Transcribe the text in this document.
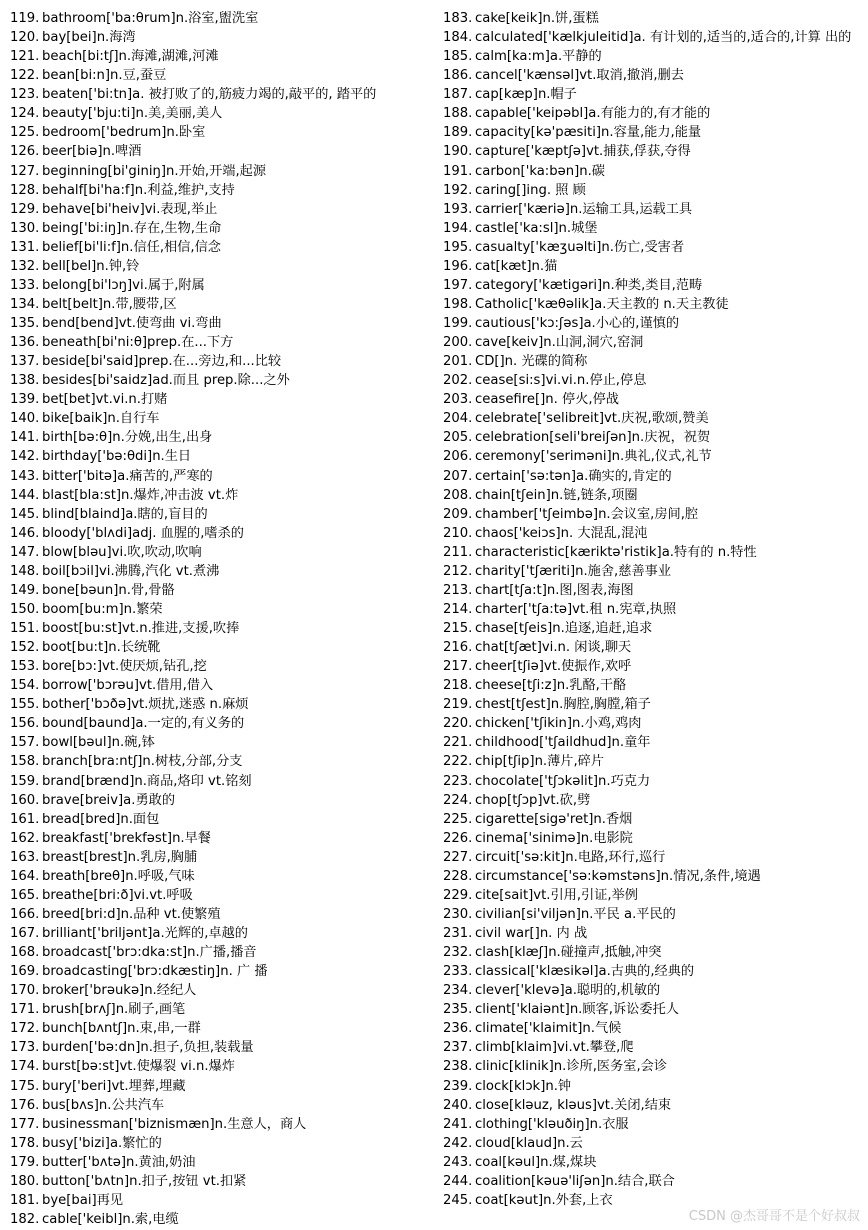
119. bathroom['ba:θrum]n.浴室,盥洗室
120. bay[bei]n.海湾
121. beach[bi:tʃ]n.海滩,湖滩,河滩
122. bean[bi:n]n.豆,蚕豆
123. beaten['bi:tn]a. 被打败了的,筋疲力竭的,敲平的, 踏平的
124. beauty['bju:ti]n.美,美丽,美人
125. bedroom['bedrum]n.卧室
126. beer[biə]n.啤酒
127. beginning[bi'giniŋ]n.开始,开端,起源
128. behalf[bi'ha:f]n.利益,维护,支持
129. behave[bi'heiv]vi.表现,举止
130. being['bi:iŋ]n.存在,生物,生命
131. belief[bi'li:f]n.信任,相信,信念
132. bell[bel]n.钟,铃
133. belong[bi'lɔŋ]vi.属于,附属
134. belt[belt]n.带,腰带,区
135. bend[bend]vt.使弯曲 vi.弯曲
136. beneath[bi'ni:θ]prep.在...下方
137. beside[bi'said]prep.在...旁边,和...比较
138. besides[bi'saidz]ad.而且 prep.除...之外
139. bet[bet]vt.vi.n.打赌
140. bike[baik]n.自行车
141. birth[bə:θ]n.分娩,出生,出身
142. birthday['bə:θdi]n.生日
143. bitter['bitə]a.痛苦的,严寒的
144. blast[bla:st]n.爆炸,冲击波 vt.炸
145. blind[blaind]a.瞎的,盲目的
146. bloody['blʌdi]adj. 血腥的,嗜杀的
147. blow[bləu]vi.吹,吹动,吹响
148. boil[bɔil]vi.沸腾,汽化 vt.煮沸
149. bone[bəun]n.骨,骨骼
150. boom[bu:m]n.繁荣
151. boost[bu:st]vt.n.推进,支援,吹捧
152. boot[bu:t]n.长统靴
153. bore[bɔ:]vt.使厌烦,钻孔,挖
154. borrow['bɔrəu]vt.借用,借入
155. bother['bɔðə]vt.烦扰,迷惑 n.麻烦
156. bound[baund]a.一定的,有义务的
157. bowl[bəul]n.碗,钵
158. branch[bra:ntʃ]n.树枝,分部,分支
159. brand[brænd]n.商品,烙印 vt.铭刻
160. brave[breiv]a.勇敢的
161. bread[bred]n.面包
162. breakfast['brekfəst]n.早餐
163. breast[brest]n.乳房,胸脯
164. breath[breθ]n.呼吸,气味
165. breathe[bri:ð]vi.vt.呼吸
166. breed[bri:d]n.品种 vt.使繁殖
167. brilliant['briljənt]a.光辉的,卓越的
168. broadcast['brɔ:dka:st]n.广播,播音
169. broadcasting['brɔ:dkæstiŋ]n. 广 播
170. broker['brəukə]n.经纪人
171. brush[brʌʃ]n.刷子,画笔
172. bunch[bʌntʃ]n.束,串,一群
173. burden['bə:dn]n.担子,负担,装载量
174. burst[bə:st]vt.使爆裂 vi.n.爆炸
175. bury['beri]vt.埋葬,埋藏
176. bus[bʌs]n.公共汽车
177. businessman['biznismæn]n.生意人，商人
178. busy['bizi]a.繁忙的
179. butter['bʌtə]n.黄油,奶油
180. button['bʌtn]n.扣子,按钮 vt.扣紧
181. bye[bai]再见
182. cable['keibl]n.索,电缆
183. cake[keik]n.饼,蛋糕
184. calculated['kælkjuleitid]a. 有计划的,适当的,适合的,计算 出的
185. calm[ka:m]a.平静的
186. cancel['kænsəl]vt.取消,撤消,删去
187. cap[kæp]n.帽子
188. capable['keipəbl]a.有能力的,有才能的
189. capacity[kə'pæsiti]n.容量,能力,能量
190. capture['kæptʃə]vt.捕获,俘获,夺得
191. carbon['ka:bən]n.碳
192. caring[]ing. 照 顾
193. carrier['kæriə]n.运输工具,运载工具
194. castle['ka:sl]n.城堡
195. casualty['kæʒuəlti]n.伤亡,受害者
196. cat[kæt]n.猫
197. category['kætigəri]n.种类,类目,范畴
198. Catholic['kæθəlik]a.天主教的 n.天主教徒
199. cautious['kɔ:ʃəs]a.小心的,谨慎的
200. cave[keiv]n.山洞,洞穴,窑洞
201. CD[]n. 光碟的简称
202. cease[si:s]vi.vi.n.停止,停息
203. ceasefire[]n. 停火,停战
204. celebrate['selibreit]vt.庆祝,歌颂,赞美
205. celebration[seli'breiʃən]n.庆祝，祝贺
206. ceremony['seriməni]n.典礼,仪式,礼节
207. certain['sə:tən]a.确实的,肯定的
208. chain[tʃein]n.链,链条,项圈
209. chamber['tʃeimbə]n.会议室,房间,腔
210. chaos['keiɔs]n. 大混乱,混沌
211. characteristic[kæriktə'ristik]a.特有的 n.特性
212. charity['tʃæriti]n.施舍,慈善事业
213. chart[tʃa:t]n.图,图表,海图
214. charter['tʃa:tə]vt.租 n.宪章,执照
215. chase[tʃeis]n.追逐,追赶,追求
216. chat[tʃæt]vi.n. 闲谈,聊天
217. cheer[tʃiə]vt.使振作,欢呼
218. cheese[tʃi:z]n.乳酪,干酪
219. chest[tʃest]n.胸腔,胸膛,箱子
220. chicken['tʃikin]n.小鸡,鸡肉
221. childhood['tʃaildhud]n.童年
222. chip[tʃip]n.薄片,碎片
223. chocolate['tʃɔkəlit]n.巧克力
224. chop[tʃɔp]vt.砍,劈
225. cigarette[sigə'ret]n.香烟
226. cinema['sinimə]n.电影院
227. circuit['sə:kit]n.电路,环行,巡行
228. circumstance['sə:kəmstəns]n.情况,条件,境遇
229. cite[sait]vt.引用,引证,举例
230. civilian[si'viljən]n.平民 a.平民的
231. civil war[]n. 内 战
232. clash[klæʃ]n.碰撞声,抵触,冲突
233. classical['klæsikəl]a.古典的,经典的
234. clever['klevə]a.聪明的,机敏的
235. client['klaiənt]n.顾客,诉讼委托人
236. climate['klaimit]n.气候
237. climb[klaim]vi.vt.攀登,爬
238. clinic[klinik]n.诊所,医务室,会诊
239. clock[klɔk]n.钟
240. close[kləuz, kləus]vt.关闭,结束
241. clothing['kləuðiŋ]n.衣服
242. cloud[klaud]n.云
243. coal[kəul]n.煤,煤块
244. coalition[kəuə'liʃən]n.结合,联合
245. coat[kəut]n.外套,上衣
CSDN @杰哥哥不是个好叔叔
